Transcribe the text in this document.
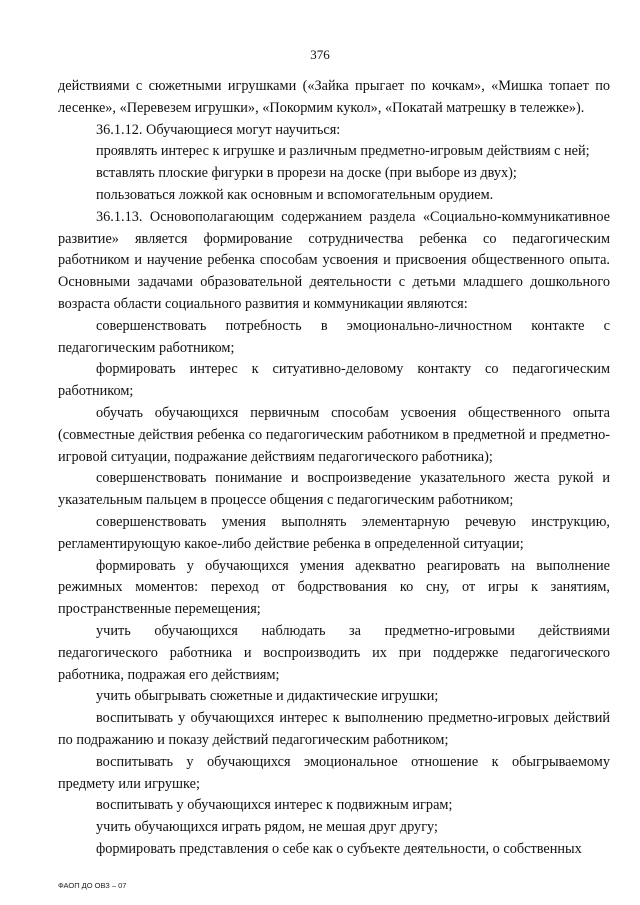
376

действиями с сюжетными игрушками («Зайка прыгает по кочкам», «Мишка топает по лесенке», «Перевезем игрушки», «Покормим кукол», «Покатай матрешку в тележке»).

36.1.12. Обучающиеся могут научиться:

проявлять интерес к игрушке и различным предметно-игровым действиям с ней;

вставлять плоские фигурки в прорези на доске (при выборе из двух);

пользоваться ложкой как основным и вспомогательным орудием.

36.1.13. Основополагающим содержанием раздела «Социально-коммуникативное развитие» является формирование сотрудничества ребенка со педагогическим работником и научение ребенка способам усвоения и присвоения общественного опыта. Основными задачами образовательной деятельности с детьми младшего дошкольного возраста области социального развития и коммуникации являются:

совершенствовать потребность в эмоционально-личностном контакте с педагогическим работником;

формировать интерес к ситуативно-деловому контакту со педагогическим работником;

обучать обучающихся первичным способам усвоения общественного опыта (совместные действия ребенка со педагогическим работником в предметной и предметно-игровой ситуации, подражание действиям педагогического работника);

совершенствовать понимание и воспроизведение указательного жеста рукой и указательным пальцем в процессе общения с педагогическим работником;

совершенствовать умения выполнять элементарную речевую инструкцию, регламентирующую какое-либо действие ребенка в определенной ситуации;

формировать у обучающихся умения адекватно реагировать на выполнение режимных моментов: переход от бодрствования ко сну, от игры к занятиям, пространственные перемещения;

учить обучающихся наблюдать за предметно-игровыми действиями педагогического работника и воспроизводить их при поддержке педагогического работника, подражая его действиям;

учить обыгрывать сюжетные и дидактические игрушки;

воспитывать у обучающихся интерес к выполнению предметно-игровых действий по подражанию и показу действий педагогическим работником;

воспитывать у обучающихся эмоциональное отношение к обыгрываемому предмету или игрушке;

воспитывать у обучающихся интерес к подвижным играм;

учить обучающихся играть рядом, не мешая друг другу;

формировать представления о себе как о субъекте деятельности, о собственных

ФАОП ДО ОВЗ – 07
